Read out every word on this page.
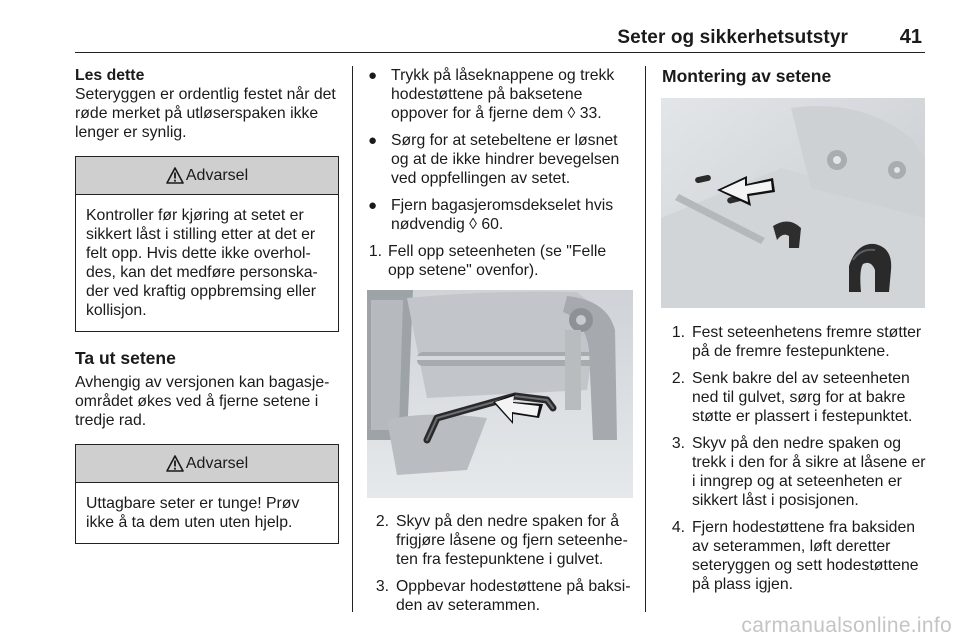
Seter og sikkerhetsutstyr	41

Les dette

Seteryggen er ordentlig festet når det røde merket på utløserspaken ikke lenger er synlig.

Advarsel

Kontroller før kjøring at setet er sikkert låst i stilling etter at det er felt opp. Hvis dette ikke overholdes, kan det medføre personskader ved kraftig oppbremsing eller kollisjon.

Ta ut setene

Avhengig av versjonen kan bagasjeområdet økes ved å fjerne setene i tredje rad.

Advarsel

Uttagbare seter er tunge! Prøv ikke å ta dem uten uten hjelp.

● Trykk på låseknappene og trekk hodestøttene på baksetene oppover for å fjerne dem ◊ 33.

● Sørg for at setebeltene er løsnet og at de ikke hindrer bevegelsen ved oppfellingen av setet.

● Fjern bagasjeromsdekselet hvis nødvendig ◊ 60.

1. Fell opp seteenheten (se "Felle opp setene" ovenfor).

2. Skyv på den nedre spaken for å frigjøre låsene og fjern seteenheten fra festepunktene i gulvet.

3. Oppbevar hodestøttene på baksiden av seterammen.

Montering av setene
1. Fest seteenhetens fremre støtter på de fremre festepunktene.

2. Senk bakre del av seteenheten ned til gulvet, sørg for at bakre støtte er plassert i festepunktet.

3. Skyv på den nedre spaken og trekk i den for å sikre at låsene er i inngrep og at seteenheten er sikkert låst i posisjonen.

4. Fjern hodestøttene fra baksiden av seterammen, løft deretter seteryggen og sett hodestøttene på plass igjen.

carmanualsonline.info
